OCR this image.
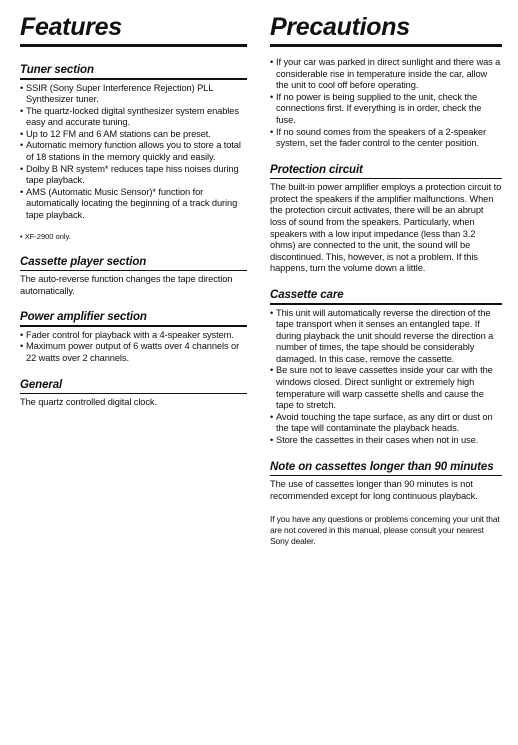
Features
Tuner section
• SSIR (Sony Super Interference Rejection) PLL Synthesizer tuner.
• The quartz-locked digital synthesizer system enables easy and accurate tuning.
• Up to 12 FM and 6 AM stations can be preset.
• Automatic memory function allows you to store a total of 18 stations in the memory quickly and easily.
• Dolby B NR system* reduces tape hiss noises during tape playback.
• AMS (Automatic Music Sensor)* function for automatically locating the beginning of a track during tape playback.
• XF-2900 only.
Cassette player section

The auto-reverse function changes the tape direction automatically.

Power amplifier section
• Fader control for playback with a 4-speaker system.
• Maximum power output of 6 watts over 4 channels or 22 watts over 2 channels.
General

The quartz controlled digital clock.

Precautions
• If your car was parked in direct sunlight and there was a considerable rise in temperature inside the car, allow the unit to cool off before operating.
• If no power is being supplied to the unit, check the connections first. If everything is in order, check the fuse.
• If no sound comes from the speakers of a 2-speaker system, set the fader control to the center position.
Protection circuit

The built-in power amplifier employs a protection circuit to protect the speakers if the amplifier malfunctions. When the protection circuit activates, there will be an abrupt loss of sound from the speakers. Particularly, when speakers with a low input impedance (less than 3.2 ohms) are connected to the unit, the sound will be discontinued. This, however, is not a problem. If this happens, turn the volume down a little.

Cassette care
• This unit will automatically reverse the direction of the tape transport when it senses an entangled tape. If during playback the unit should reverse the direction a number of times, the tape should be considerably damaged. In this case, remove the cassette.
• Be sure not to leave cassettes inside your car with the windows closed. Direct sunlight or extremely high temperature will warp cassette shells and cause the tape to stretch.
• Avoid touching the tape surface, as any dirt or dust on the tape will contaminate the playback heads.
• Store the cassettes in their cases when not in use.
Note on cassettes longer than 90 minutes

The use of cassettes longer than 90 minutes is not recommended except for long continuous playback.

If you have any questions or problems concerning your unit that are not covered in this manual, please consult your nearest Sony dealer.
